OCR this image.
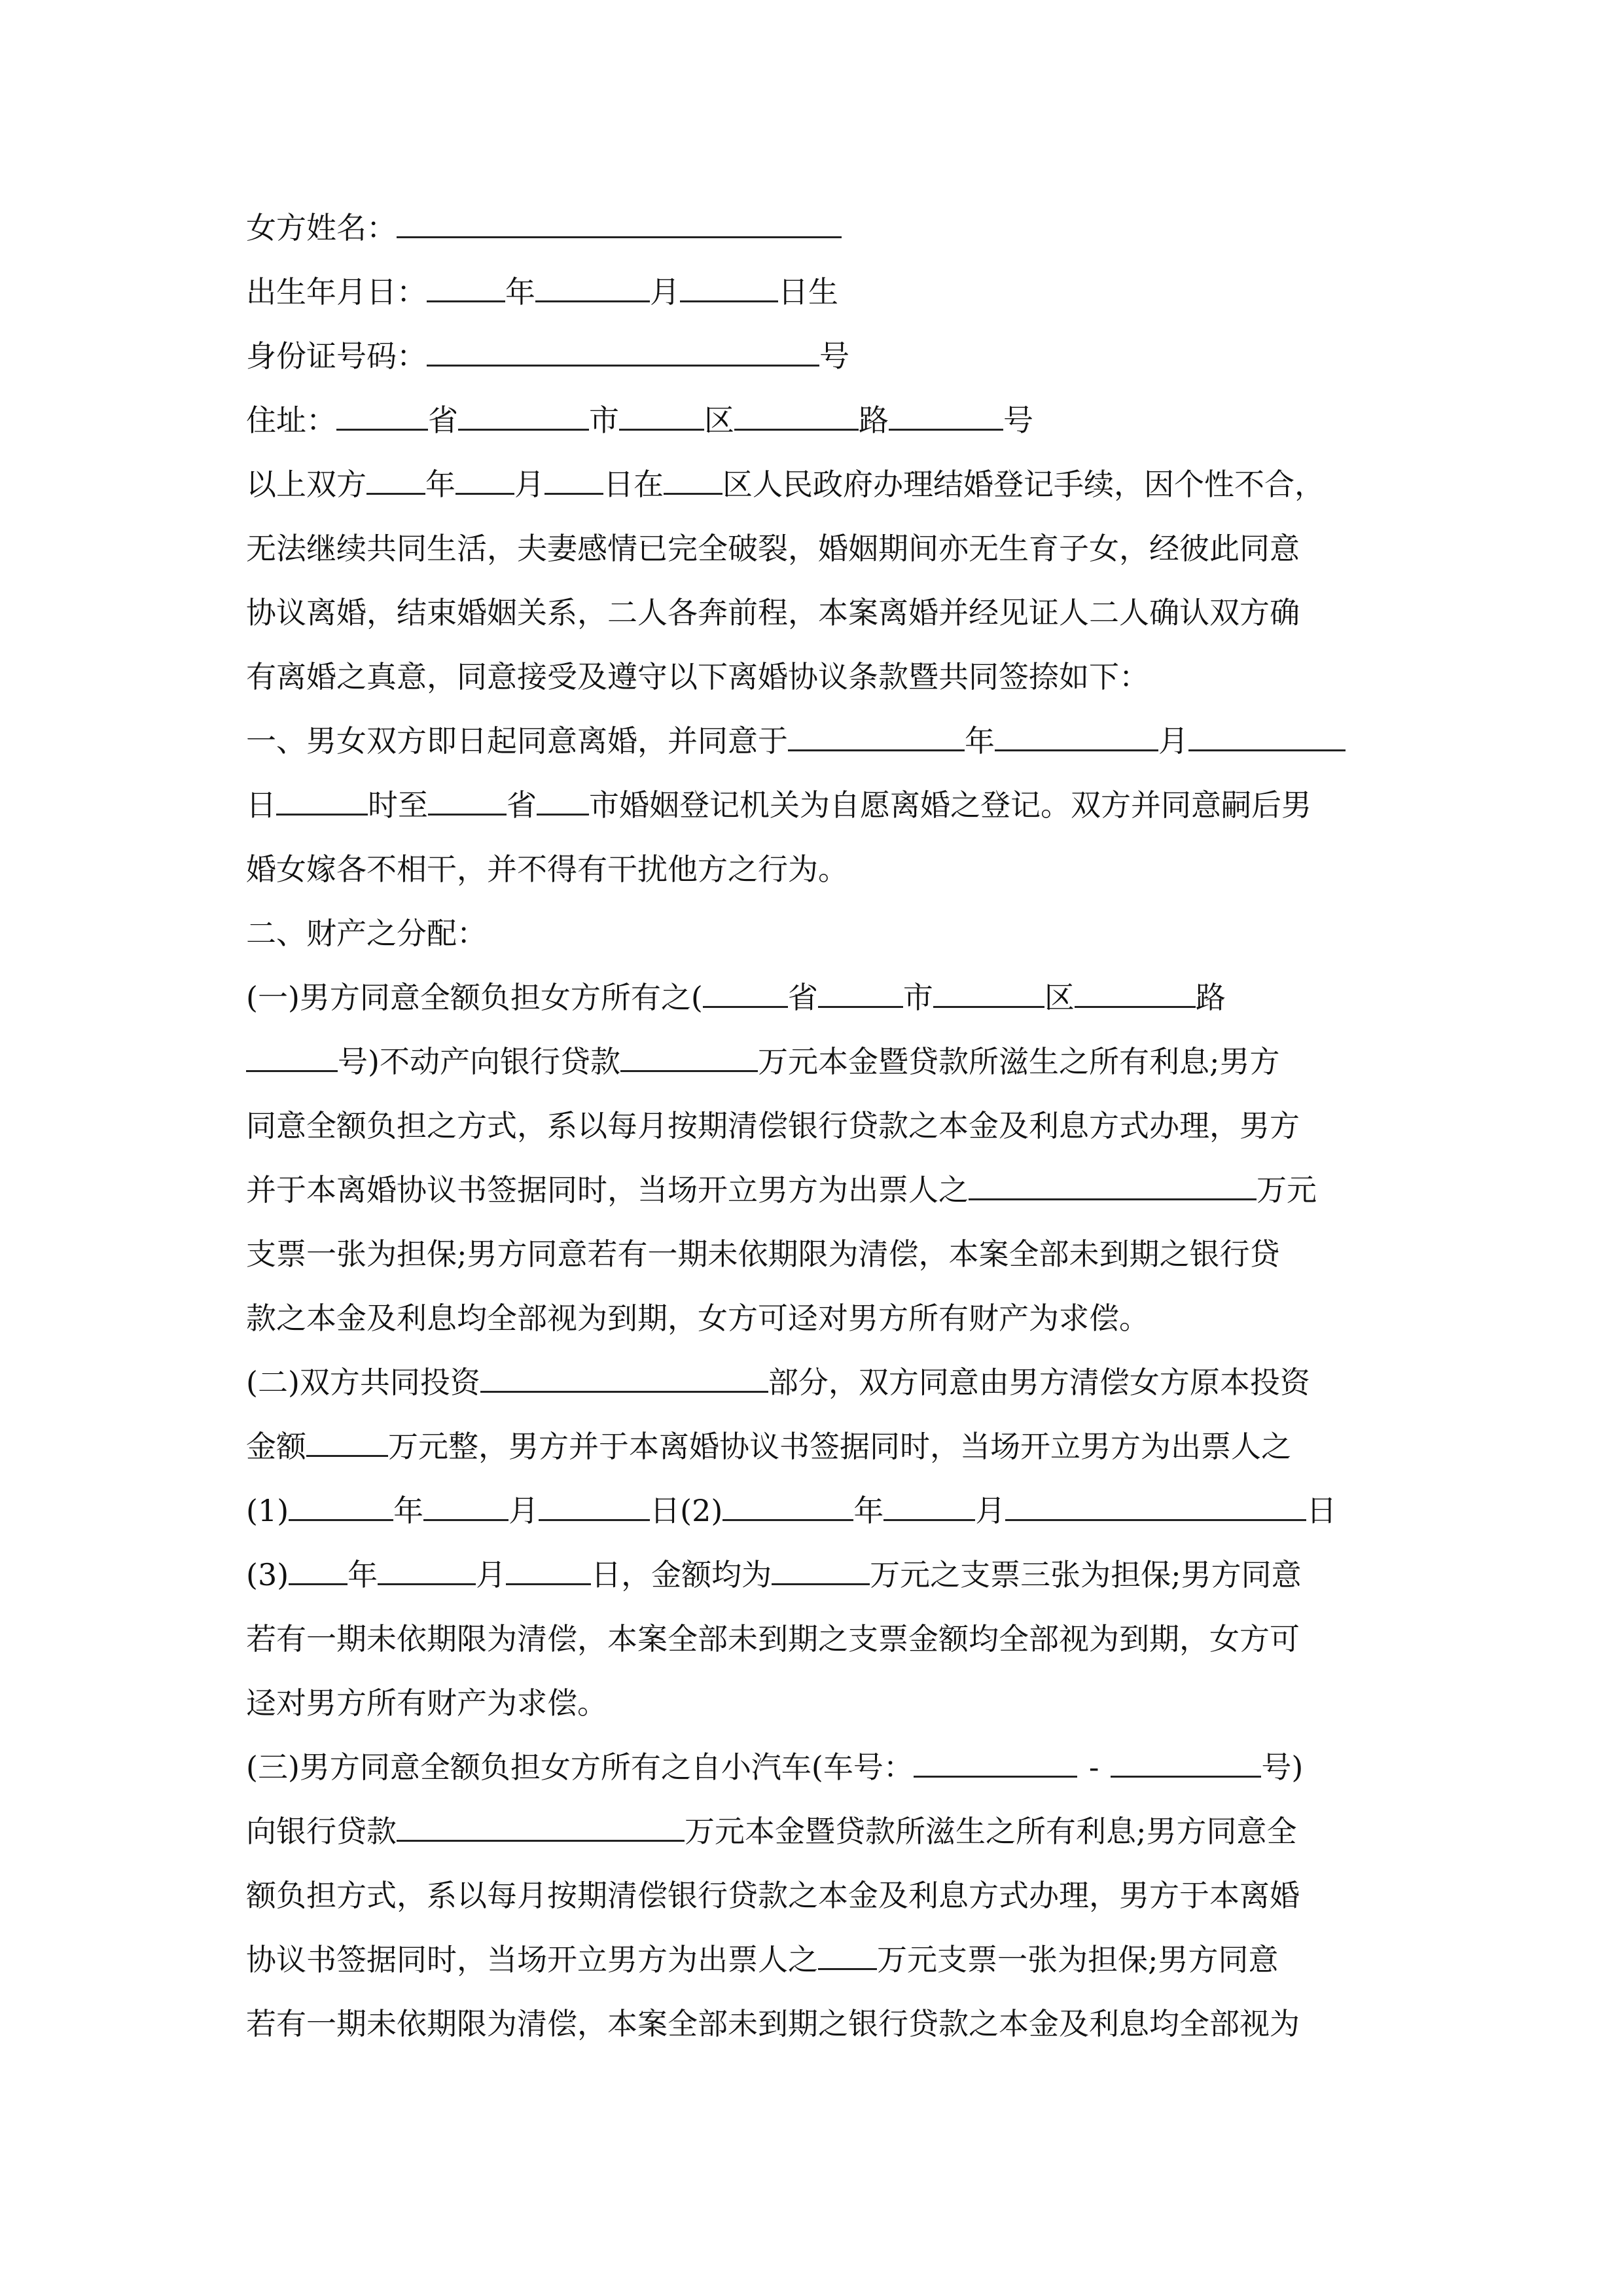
女方姓名：
出生年月日：	年	月	日生
身份证号码：	号
住址：	省	市	区	路	号
以上双方 年 月 日在 区人民政府办理结婚登记手续，因个性不合，
无法继续共同生活，夫妻感情已完全破裂，婚姻期间亦无生育子女，经彼此同意
协议离婚，结束婚姻关系，二人各奔前程，本案离婚并经见证人二人确认双方确
有离婚之真意，同意接受及遵守以下离婚协议条款暨共同签捺如下：
一、男女双方即日起同意离婚，并同意于	年	月
日	时至	省 市婚姻登记机关为自愿离婚之登记。双方并同意嗣后男
婚女嫁各不相干，并不得有干扰他方之行为。
二、财产之分配：
(一)男方同意全额负担女方所有之(	省	市	区	路
号)不动产向银行贷款	万元本金暨贷款所滋生之所有利息;男方
同意全额负担之方式，系以每月按期清偿银行贷款之本金及利息方式办理，男方
并于本离婚协议书签据同时，当场开立男方为出票人之	万元
支票一张为担保;男方同意若有一期未依期限为清偿，本案全部未到期之银行贷
款之本金及利息均全部视为到期，女方可迳对男方所有财产为求偿。
(二)双方共同投资	部分，双方同意由男方清偿女方原本投资
金额	万元整，男方并于本离婚协议书签据同时，当场开立男方为出票人之
(1)	年	月	日(2)	年	月	日
(3) 年	月	日，金额均为	万元之支票三张为担保;男方同意
若有一期未依期限为清偿，本案全部未到期之支票金额均全部视为到期，女方可
迳对男方所有财产为求偿。
(三)男方同意全额负担女方所有之自小汽车(车号：	-	号)
向银行贷款	万元本金暨贷款所滋生之所有利息;男方同意全
额负担方式，系以每月按期清偿银行贷款之本金及利息方式办理，男方于本离婚
协议书签据同时，当场开立男方为出票人之 万元支票一张为担保;男方同意
若有一期未依期限为清偿，本案全部未到期之银行贷款之本金及利息均全部视为
